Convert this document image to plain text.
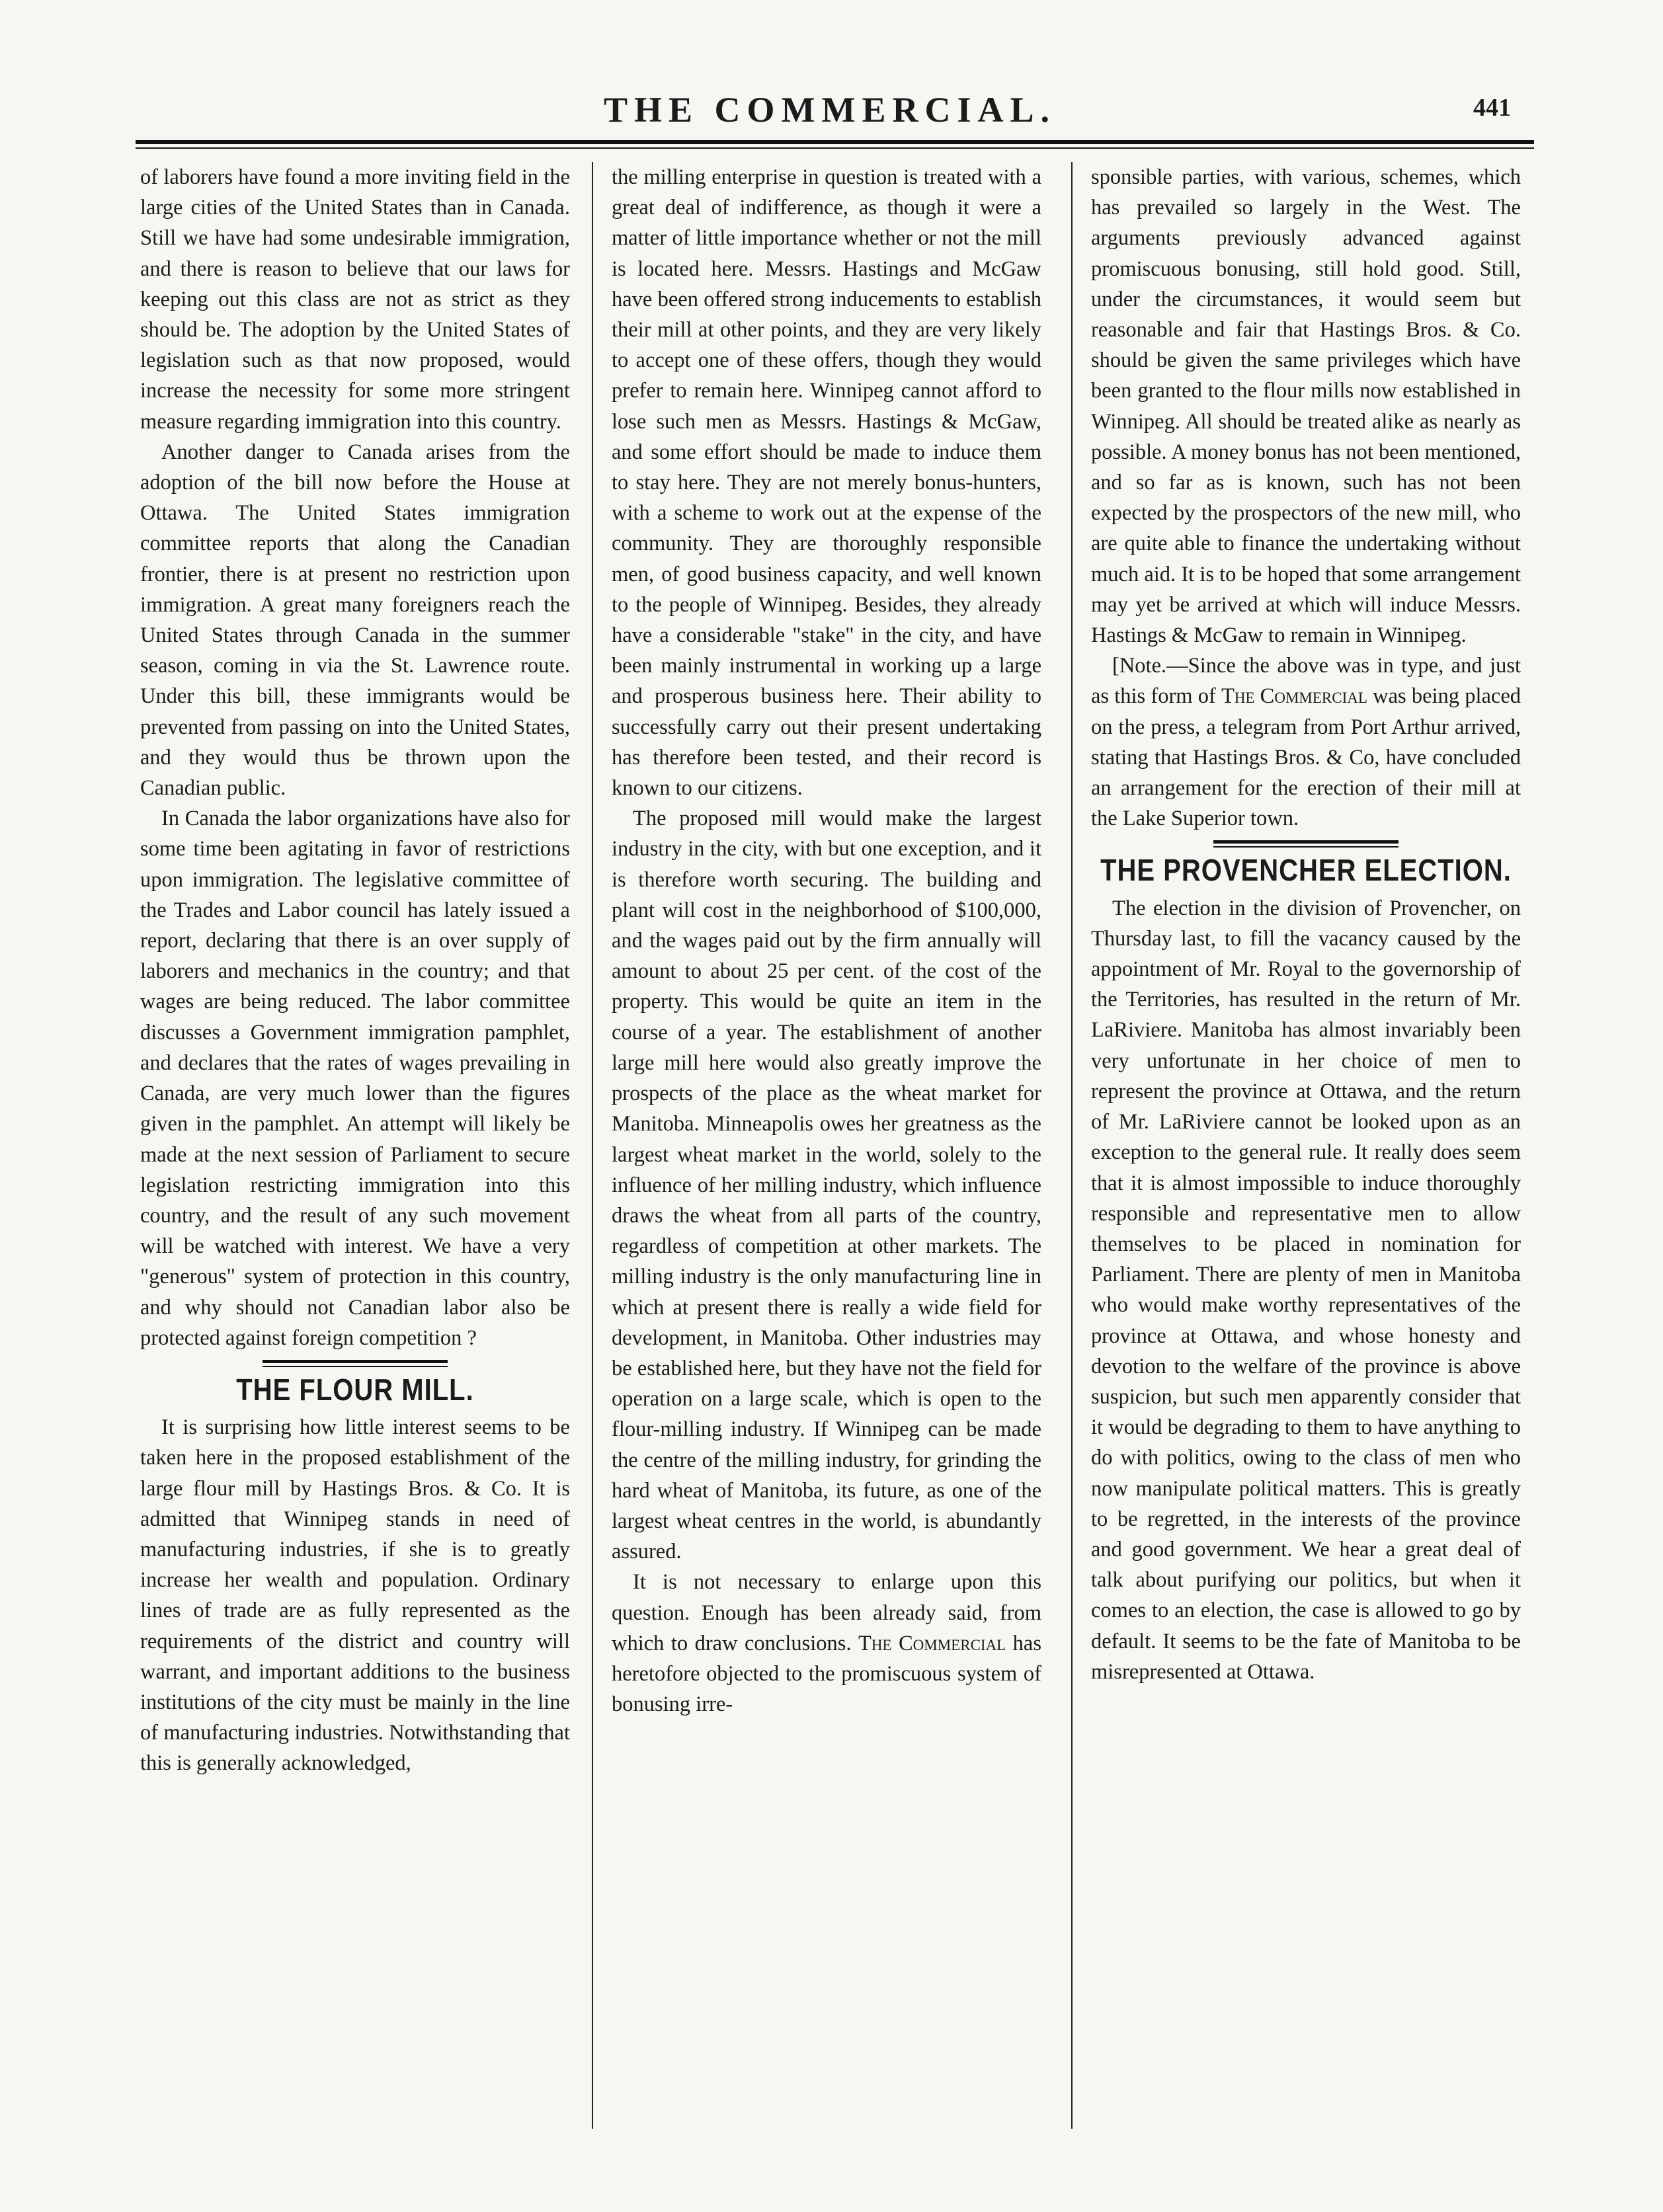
THE COMMERCIAL.	441

of laborers have found a more inviting field in the large cities of the United States than in Canada. Still we have had some undesirable immigration, and there is reason to believe that our laws for keeping out this class are not as strict as they should be. The adoption by the United States of legislation such as that now proposed, would increase the necessity for some more stringent measure regarding immigration into this country.

Another danger to Canada arises from the adoption of the bill now before the House at Ottawa. The United States immigration committee reports that along the Canadian frontier, there is at present no restriction upon immigration. A great many foreigners reach the United States through Canada in the summer season, coming in via the St. Lawrence route. Under this bill, these immigrants would be prevented from passing on into the United States, and they would thus be thrown upon the Canadian public.

In Canada the labor organizations have also for some time been agitating in favor of restrictions upon immigration. The legislative committee of the Trades and Labor council has lately issued a report, declaring that there is an over supply of laborers and mechanics in the country; and that wages are being reduced. The labor committee discusses a Government immigration pamphlet, and declares that the rates of wages prevailing in Canada, are very much lower than the figures given in the pamphlet. An attempt will likely be made at the next session of Parliament to secure legislation restricting immigration into this country, and the result of any such movement will be watched with interest. We have a very "generous" system of protection in this country, and why should not Canadian labor also be protected against foreign competition ?

THE FLOUR MILL.

It is surprising how little interest seems to be taken here in the proposed establishment of the large flour mill by Hastings Bros. & Co. It is admitted that Winnipeg stands in need of manufacturing industries, if she is to greatly increase her wealth and population. Ordinary lines of trade are as fully represented as the requirements of the district and country will warrant, and important additions to the business institutions of the city must be mainly in the line of manufacturing industries. Notwithstanding that this is generally acknowledged,

the milling enterprise in question is treated with a great deal of indifference, as though it were a matter of little importance whether or not the mill is located here. Messrs. Hastings and McGaw have been offered strong inducements to establish their mill at other points, and they are very likely to accept one of these offers, though they would prefer to remain here. Winnipeg cannot afford to lose such men as Messrs. Hastings & McGaw, and some effort should be made to induce them to stay here. They are not merely bonus-hunters, with a scheme to work out at the expense of the community. They are thoroughly responsible men, of good business capacity, and well known to the people of Winnipeg. Besides, they already have a considerable "stake" in the city, and have been mainly instrumental in working up a large and prosperous business here. Their ability to successfully carry out their present undertaking has therefore been tested, and their record is known to our citizens.

The proposed mill would make the largest industry in the city, with but one exception, and it is therefore worth securing. The building and plant will cost in the neighborhood of $100,000, and the wages paid out by the firm annually will amount to about 25 per cent. of the cost of the property. This would be quite an item in the course of a year. The establishment of another large mill here would also greatly improve the prospects of the place as the wheat market for Manitoba. Minneapolis owes her greatness as the largest wheat market in the world, solely to the influence of her milling industry, which influence draws the wheat from all parts of the country, regardless of competition at other markets. The milling industry is the only manufacturing line in which at present there is really a wide field for development, in Manitoba. Other industries may be established here, but they have not the field for operation on a large scale, which is open to the flour-milling industry. If Winnipeg can be made the centre of the milling industry, for grinding the hard wheat of Manitoba, its future, as one of the largest wheat centres in the world, is abundantly assured.

It is not necessary to enlarge upon this question. Enough has been already said, from which to draw conclusions. The Commercial has heretofore objected to the promiscuous system of bonusing irre-

sponsible parties, with various, schemes, which has prevailed so largely in the West. The arguments previously advanced against promiscuous bonusing, still hold good. Still, under the circumstances, it would seem but reasonable and fair that Hastings Bros. & Co. should be given the same privileges which have been granted to the flour mills now established in Winnipeg. All should be treated alike as nearly as possible. A money bonus has not been mentioned, and so far as is known, such has not been expected by the prospectors of the new mill, who are quite able to finance the undertaking without much aid. It is to be hoped that some arrangement may yet be arrived at which will induce Messrs. Hastings & McGaw to remain in Winnipeg.

[Note.—Since the above was in type, and just as this form of The Commercial was being placed on the press, a telegram from Port Arthur arrived, stating that Hastings Bros. & Co, have concluded an arrangement for the erection of their mill at the Lake Superior town.

THE PROVENCHER ELECTION.

The election in the division of Provencher, on Thursday last, to fill the vacancy caused by the appointment of Mr. Royal to the governorship of the Territories, has resulted in the return of Mr. LaRiviere. Manitoba has almost invariably been very unfortunate in her choice of men to represent the province at Ottawa, and the return of Mr. LaRiviere cannot be looked upon as an exception to the general rule. It really does seem that it is almost impossible to induce thoroughly responsible and representative men to allow themselves to be placed in nomination for Parliament. There are plenty of men in Manitoba who would make worthy representatives of the province at Ottawa, and whose honesty and devotion to the welfare of the province is above suspicion, but such men apparently consider that it would be degrading to them to have anything to do with politics, owing to the class of men who now manipulate political matters. This is greatly to be regretted, in the interests of the province and good government. We hear a great deal of talk about purifying our politics, but when it comes to an election, the case is allowed to go by default. It seems to be the fate of Manitoba to be misrepresented at Ottawa.
